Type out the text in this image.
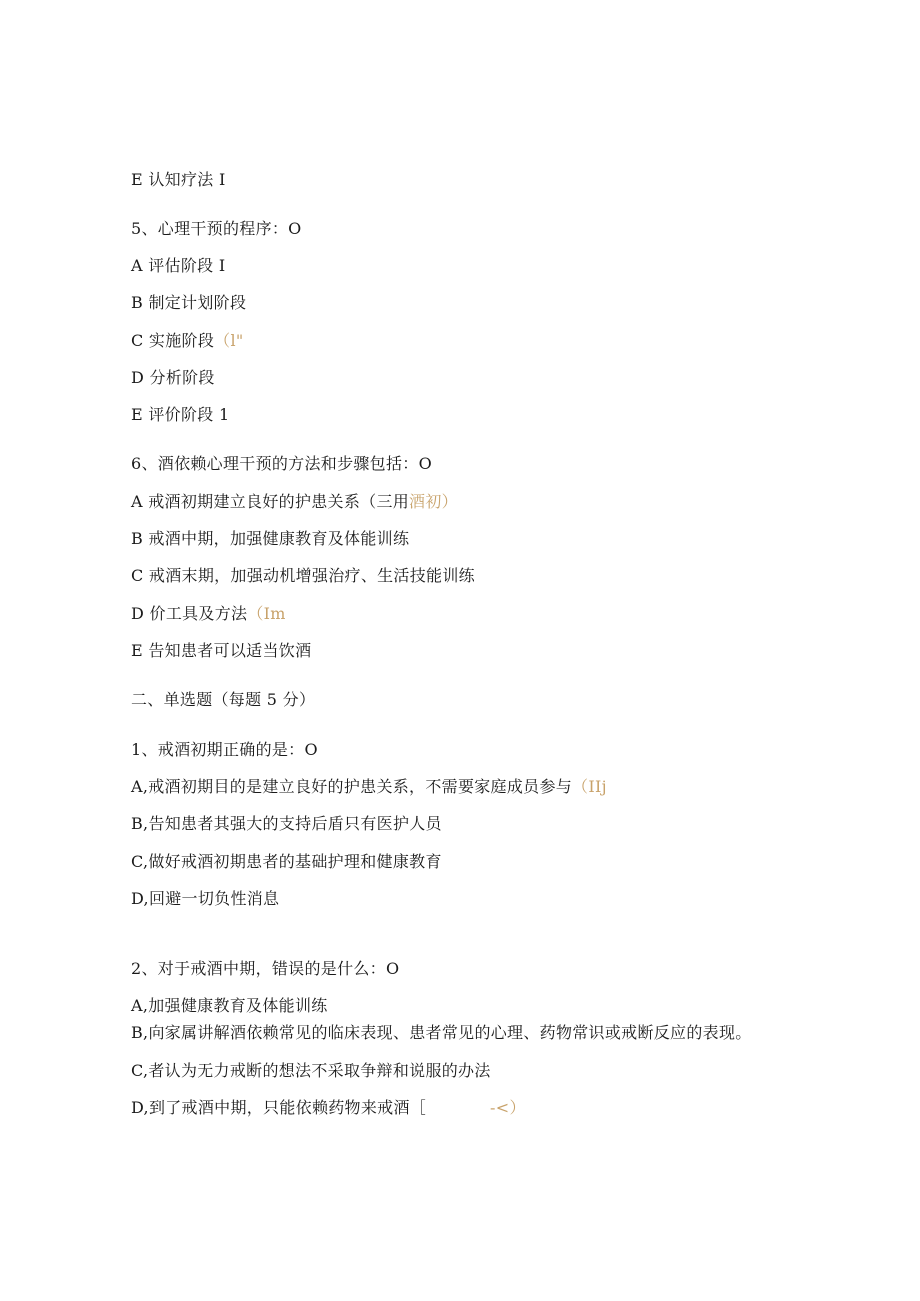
E 认知疗法 I
5、心理干预的程序：O
A 评估阶段 I
B 制定计划阶段
C 实施阶段（l"
D 分析阶段
E 评价阶段 1
6、酒依赖心理干预的方法和步骤包括：O
A 戒酒初期建立良好的护患关系（三用酒初）
B 戒酒中期，加强健康教育及体能训练
C 戒酒末期，加强动机增强治疗、生活技能训练
D 价工具及方法（Im
E 告知患者可以适当饮酒
二、单选题（每题 5 分）
1、戒酒初期正确的是：O
A,戒酒初期目的是建立良好的护患关系，不需要家庭成员参与（IIj
B,告知患者其强大的支持后盾只有医护人员
C,做好戒酒初期患者的基础护理和健康教育
D,回避一切负性消息
2、对于戒酒中期，错误的是什么：O
A,加强健康教育及体能训练
B,向家属讲解酒依赖常见的临床表现、患者常见的心理、药物常识或戒断反应的表现。
C,者认为无力戒断的想法不采取争辩和说服的办法
D,到了戒酒中期，只能依赖药物来戒酒［	-<）
